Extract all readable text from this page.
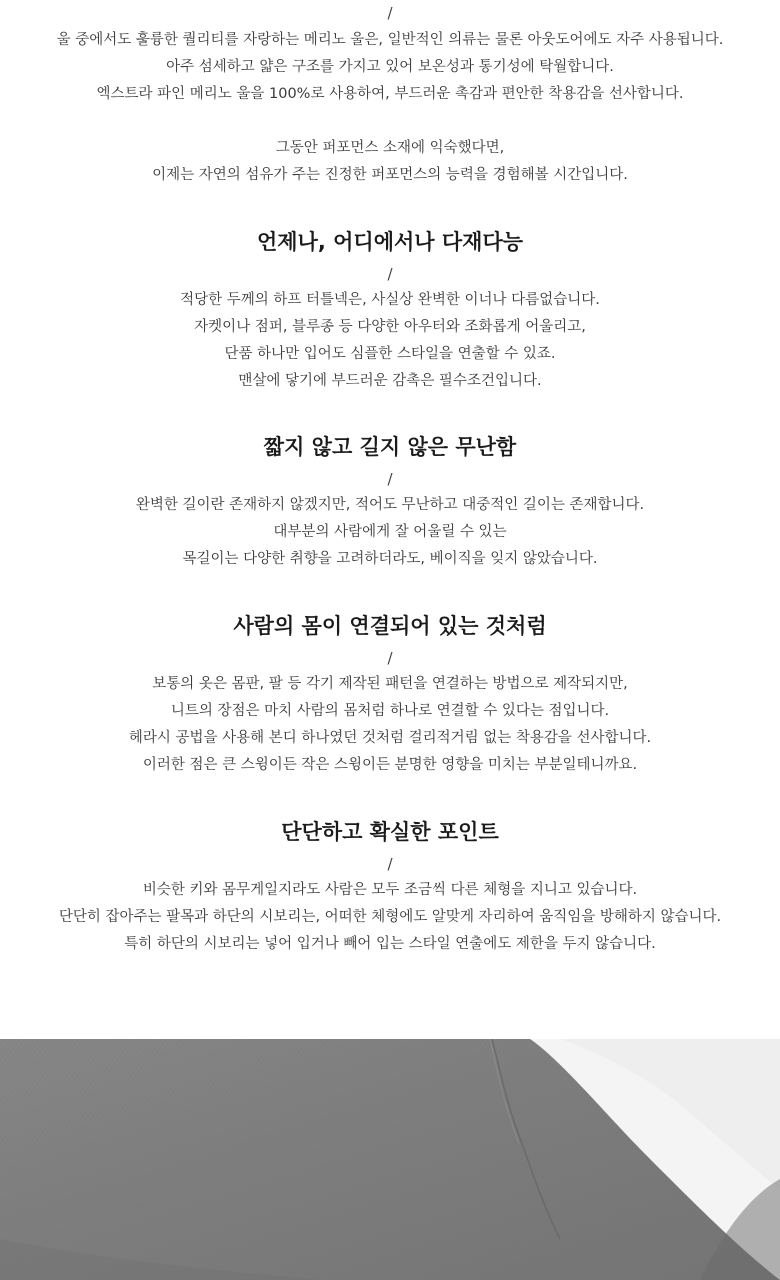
/
울 중에서도 훌륭한 퀄리티를 자랑하는 메리노 울은, 일반적인 의류는 물론 아웃도어에도 자주 사용됩니다.
아주 섬세하고 얇은 구조를 가지고 있어 보온성과 통기성에 탁월합니다.
엑스트라 파인 메리노 울을 100%로 사용하여, 부드러운 촉감과 편안한 착용감을 선사합니다.
그동안 퍼포먼스 소재에 익숙했다면,
이제는 자연의 섬유가 주는 진정한 퍼포먼스의 능력을 경험해볼 시간입니다.
언제나, 어디에서나 다재다능
/
적당한 두께의 하프 터틀넥은, 사실상 완벽한 이너나 다름없습니다.
자켓이나 점퍼, 블루종 등 다양한 아우터와 조화롭게 어울리고,
단품 하나만 입어도 심플한 스타일을 연출할 수 있죠.
맨살에 닿기에 부드러운 감촉은 필수조건입니다.
짧지 않고 길지 않은 무난함
/
완벽한 길이란 존재하지 않겠지만, 적어도 무난하고 대중적인 길이는 존재합니다.
대부분의 사람에게 잘 어울릴 수 있는
목길이는 다양한 취향을 고려하더라도, 베이직을 잊지 않았습니다.
사람의 몸이 연결되어 있는 것처럼
/
보통의 옷은 몸판, 팔 등 각기 제작된 패턴을 연결하는 방법으로 제작되지만,
니트의 장점은 마치 사람의 몸처럼 하나로 연결할 수 있다는 점입니다.
헤라시 공법을 사용해 본디 하나였던 것처럼 걸리적거림 없는 착용감을 선사합니다.
이러한 점은 큰 스윙이든 작은 스윙이든 분명한 영향을 미치는 부분일테니까요.
단단하고 확실한 포인트
/
비슷한 키와 몸무게일지라도 사람은 모두 조금씩 다른 체형을 지니고 있습니다.
단단히 잡아주는 팔목과 하단의 시보리는, 어떠한 체형에도 알맞게 자리하여 움직임을 방해하지 않습니다.
특히 하단의 시보리는 넣어 입거나 빼어 입는 스타일 연출에도 제한을 두지 않습니다.
